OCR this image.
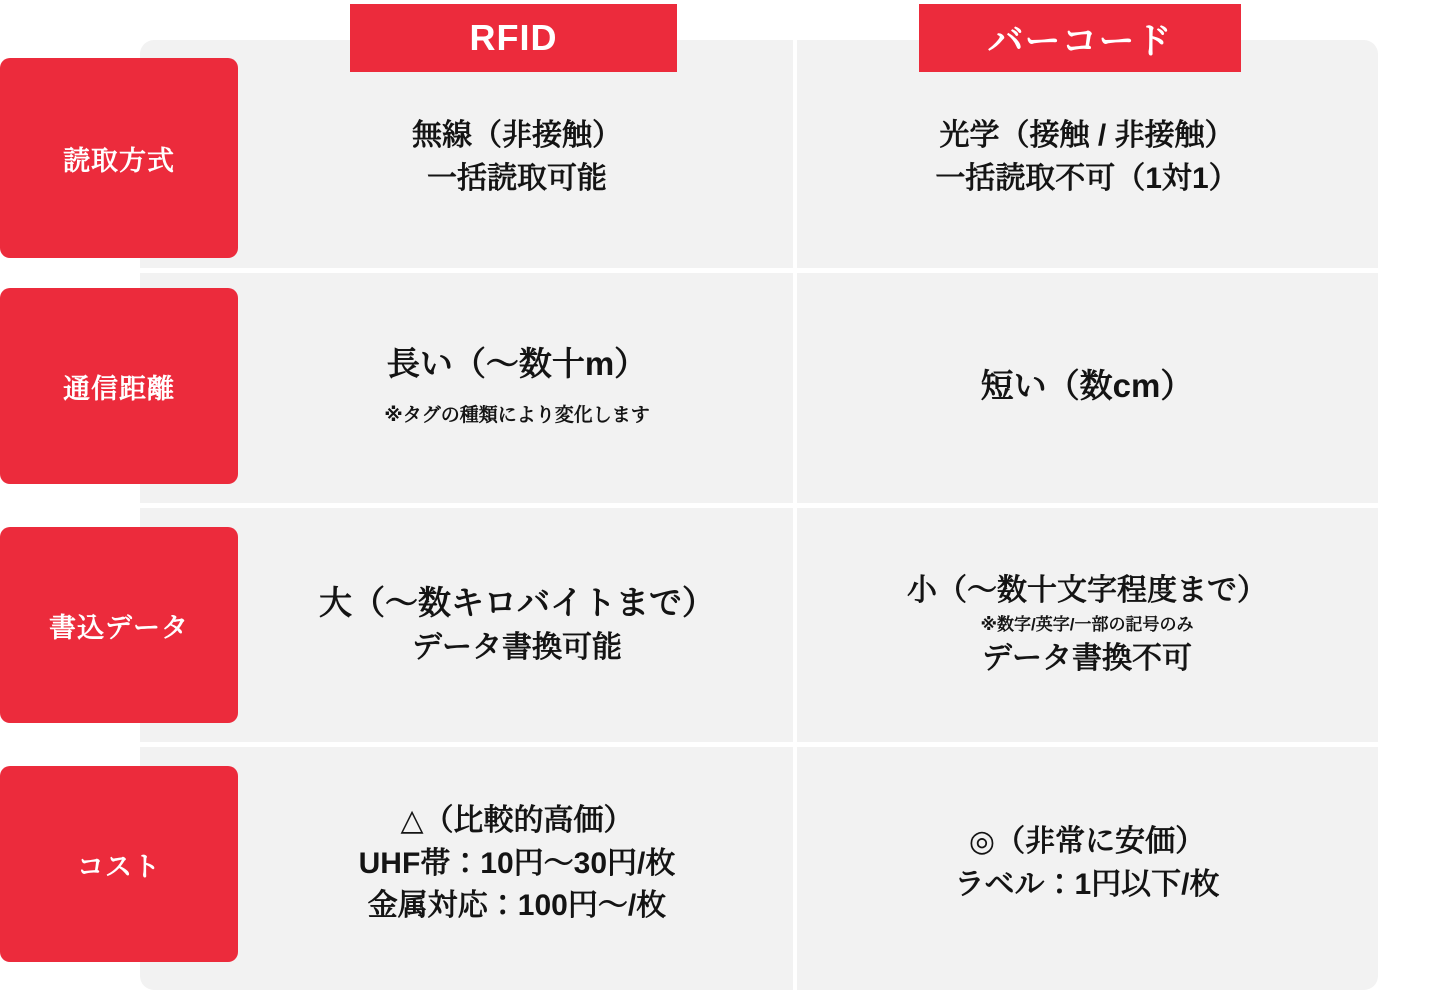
RFID	バーコード
読取方式
無線（非接触）
一括読取可能
光学（接触 / 非接触）
一括読取不可（1対1）
通信距離
長い（〜数十m）
※タグの種類により変化します
短い（数cm）
書込データ
大（〜数キロバイトまで）
データ書換可能
小（〜数十文字程度まで）
※数字/英字/一部の記号のみ
データ書換不可
コスト
△（比較的高価）
UHF帯：10円〜30円/枚
金属対応：100円〜/枚
◎（非常に安価）
ラベル：1円以下/枚
